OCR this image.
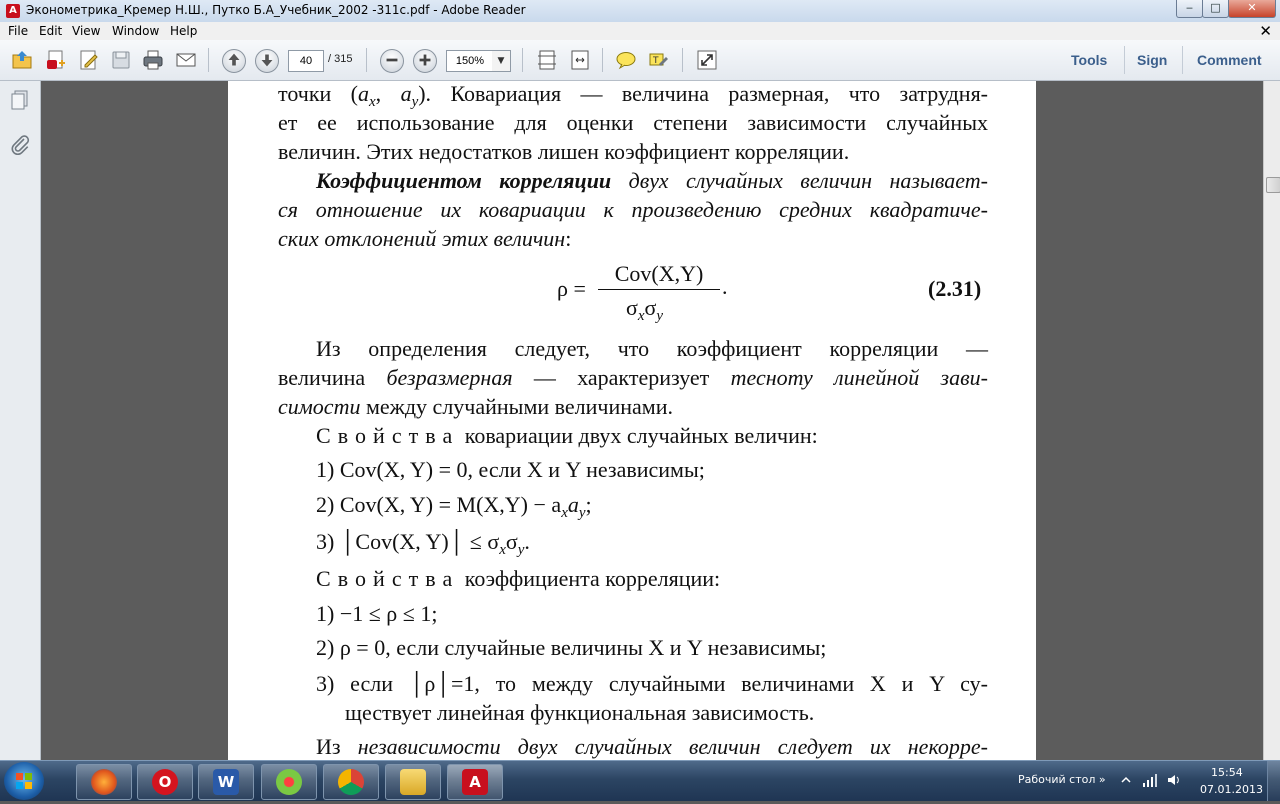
A Эконометрика_Кремер Н.Ш., Путко Б.А_Учебник_2002 -311с.pdf - Adobe Reader	‒	□	✕
File Edit View Window Help	✕
40	/ 315	150%	▼	T	Tools Sign Comment
точки ($a_x$, $a_y$). Ковариация — величина размерная, что затрудня-
ет ее использование для оценки степени зависимости случайных
величин. Этих недостатков лишен коэффициент корреляции.
Коэффициентом корреляции двух случайных величин называет-
ся отношение их ковариации к произведению средних квадратиче-
ских отклонений этих величин:
ρ =
Cov(X,Y)
$\sigma_x\sigma_y$
.	(2.31)
Из определения следует, что коэффициент корреляции —
величина безразмерная — характеризует тесноту линейной зави-
симости между случайными величинами.
Свойства ковариации двух случайных величин:
1) Cov(X, Y) = 0, если X и Y независимы;
2) Cov(X, $Y) = M(X,Y) - a_xa_y$;
3) │Cov(X, Y)│ ≤ $\sigma_x\sigma_y$.
Свойства коэффициента корреляции:
1) −1 ≤ ρ ≤ 1;
2) ρ = 0, если случайные величины X и Y независимы;
3) если │ρ│=1, то между случайными величинами X и Y су-
ществует линейная функциональная зависимость.
Из независимости двух случайных величин следует их некорре-
O	W	A	Рабочий стол »
15:54
07.01.2013
